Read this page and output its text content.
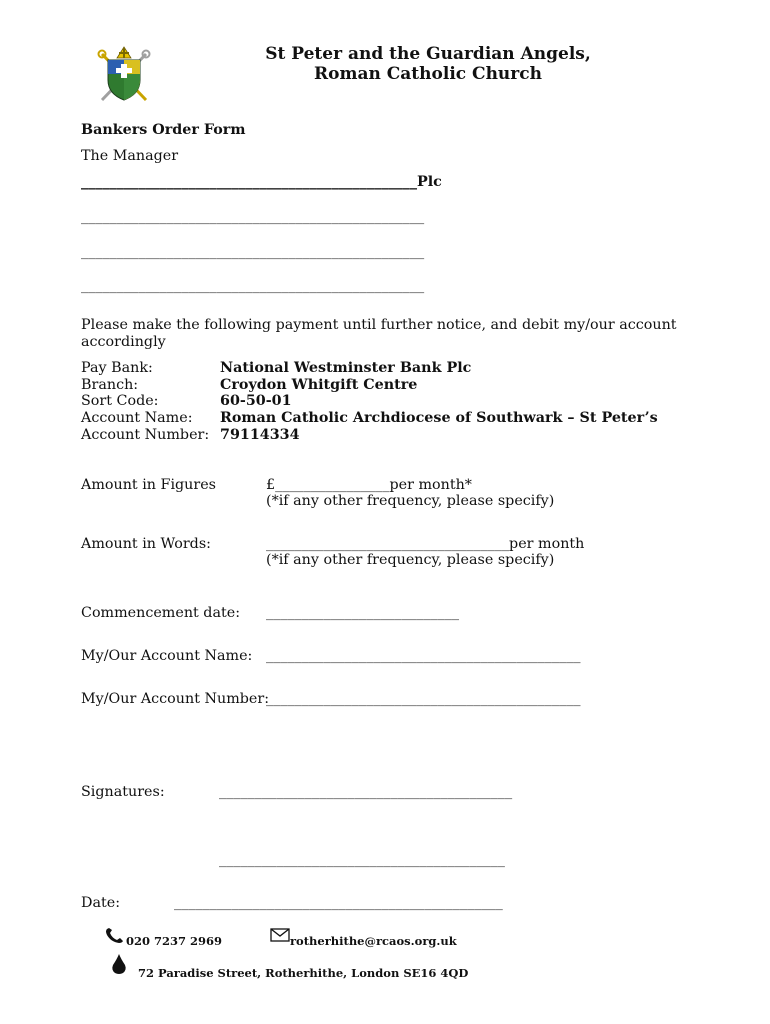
St Peter and the Guardian Angels,
Roman Catholic Church
Bankers Order Form
The Manager
_______________________________________________Plc
________________________________________________
________________________________________________
________________________________________________
Please make the following payment until further notice, and debit my/our account
accordingly
Pay Bank:	National Westminster Bank Plc
Branch:	Croydon Whitgift Centre
Sort Code:	60-50-01
Account Name: Roman Catholic Archdiocese of Southwark – St Peter’s
Account Number: 79114334
Amount in Figures	£________________per month*
(*if any other frequency, please specify)
Amount in Words:	__________________________________per month
(*if any other frequency, please specify)
Commencement date: ___________________________
My/Our Account Name: ____________________________________________
My/Our Account Number:
____________________________________________
Signatures:	_________________________________________
________________________________________
Date:	______________________________________________
020 7237 2969	rotherhithe@rcaos.org.uk
72 Paradise Street, Rotherhithe, London SE16 4QD
